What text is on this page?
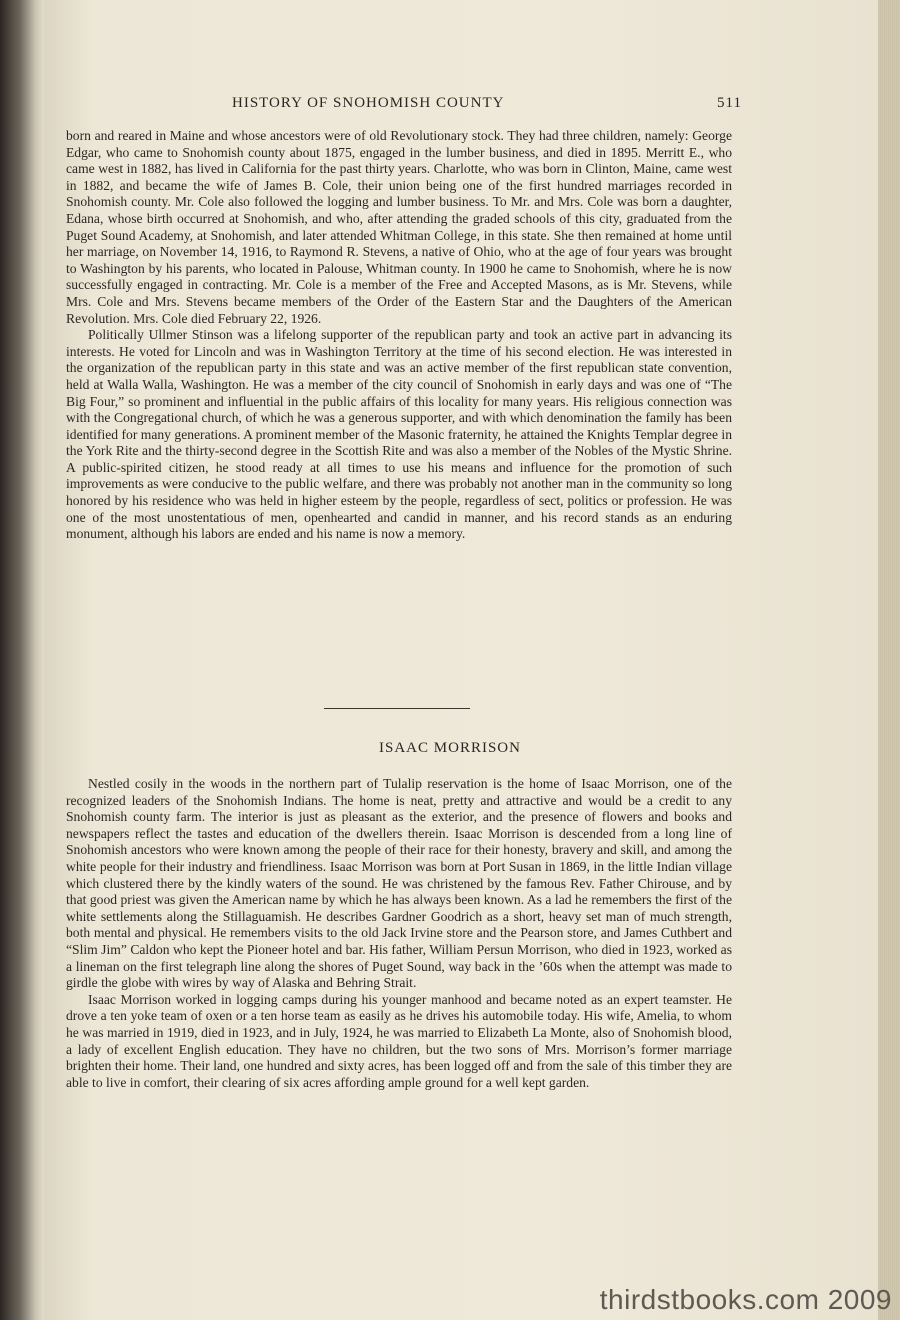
HISTORY OF SNOHOMISH COUNTY	511

born and reared in Maine and whose ancestors were of old Revolutionary stock. They had three children, namely: George Edgar, who came to Snohomish county about 1875, engaged in the lumber business, and died in 1895. Merritt E., who came west in 1882, has lived in California for the past thirty years. Charlotte, who was born in Clinton, Maine, came west in 1882, and became the wife of James B. Cole, their union being one of the first hundred marriages recorded in Snohomish county. Mr. Cole also followed the logging and lumber business. To Mr. and Mrs. Cole was born a daughter, Edana, whose birth occurred at Snohomish, and who, after attending the graded schools of this city, graduated from the Puget Sound Academy, at Snohomish, and later attended Whitman College, in this state. She then remained at home until her marriage, on November 14, 1916, to Raymond R. Stevens, a native of Ohio, who at the age of four years was brought to Washington by his parents, who located in Palouse, Whitman county. In 1900 he came to Snohomish, where he is now successfully engaged in contracting. Mr. Cole is a member of the Free and Accepted Masons, as is Mr. Stevens, while Mrs. Cole and Mrs. Stevens became members of the Order of the Eastern Star and the Daughters of the American Revolution. Mrs. Cole died February 22, 1926.

Politically Ullmer Stinson was a lifelong supporter of the republican party and took an active part in advancing its interests. He voted for Lincoln and was in Washington Territory at the time of his second election. He was interested in the organization of the republican party in this state and was an active member of the first republican state convention, held at Walla Walla, Washington. He was a member of the city council of Snohomish in early days and was one of “The Big Four,” so prominent and influential in the public affairs of this locality for many years. His religious connection was with the Congregational church, of which he was a generous supporter, and with which denomination the family has been identified for many generations. A prominent member of the Masonic fraternity, he attained the Knights Templar degree in the York Rite and the thirty-second degree in the Scottish Rite and was also a member of the Nobles of the Mystic Shrine. A public-spirited citizen, he stood ready at all times to use his means and influence for the promotion of such improvements as were conducive to the public welfare, and there was probably not another man in the community so long honored by his residence who was held in higher esteem by the people, regardless of sect, politics or profession. He was one of the most unostentatious of men, openhearted and candid in manner, and his record stands as an enduring monument, although his labors are ended and his name is now a memory.

ISAAC MORRISON

Nestled cosily in the woods in the northern part of Tulalip reservation is the home of Isaac Morrison, one of the recognized leaders of the Snohomish Indians. The home is neat, pretty and attractive and would be a credit to any Snohomish county farm. The interior is just as pleasant as the exterior, and the presence of flowers and books and newspapers reflect the tastes and education of the dwellers therein. Isaac Morrison is descended from a long line of Snohomish ancestors who were known among the people of their race for their honesty, bravery and skill, and among the white people for their industry and friendliness. Isaac Morrison was born at Port Susan in 1869, in the little Indian village which clustered there by the kindly waters of the sound. He was christened by the famous Rev. Father Chirouse, and by that good priest was given the American name by which he has always been known. As a lad he remembers the first of the white settlements along the Stillaguamish. He describes Gardner Goodrich as a short, heavy set man of much strength, both mental and physical. He remembers visits to the old Jack Irvine store and the Pearson store, and James Cuthbert and “Slim Jim” Caldon who kept the Pioneer hotel and bar. His father, William Persun Morrison, who died in 1923, worked as a lineman on the first telegraph line along the shores of Puget Sound, way back in the ’60s when the attempt was made to girdle the globe with wires by way of Alaska and Behring Strait.

Isaac Morrison worked in logging camps during his younger manhood and became noted as an expert teamster. He drove a ten yoke team of oxen or a ten horse team as easily as he drives his automobile today. His wife, Amelia, to whom he was married in 1919, died in 1923, and in July, 1924, he was married to Elizabeth La Monte, also of Snohomish blood, a lady of excellent English education. They have no children, but the two sons of Mrs. Morrison’s former marriage brighten their home. Their land, one hundred and sixty acres, has been logged off and from the sale of this timber they are able to live in comfort, their clearing of six acres affording ample ground for a well kept garden.

thirdstbooks.com 2009
